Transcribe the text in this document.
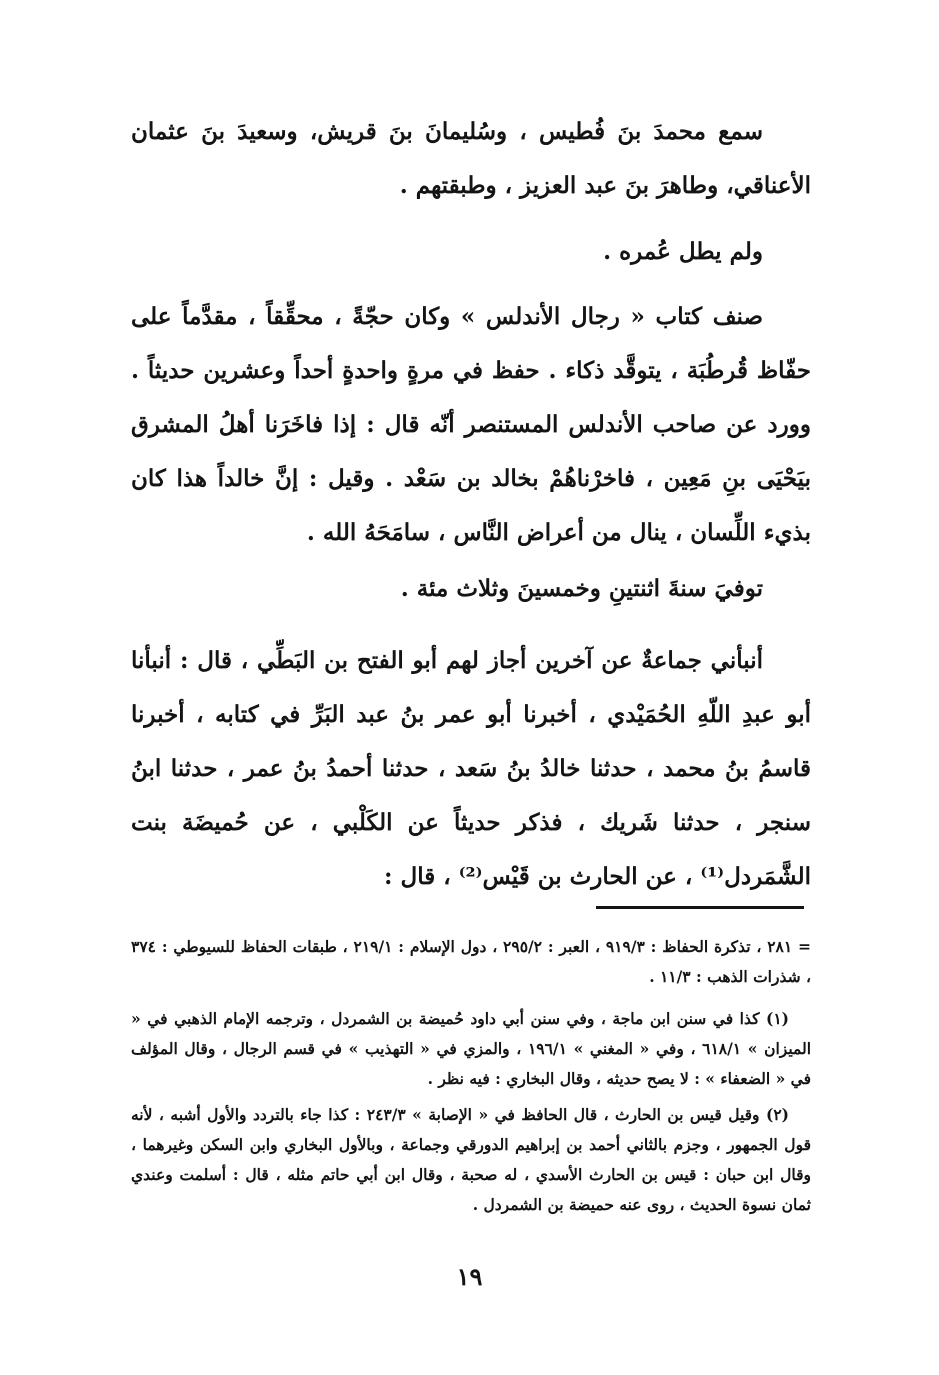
سمع محمدَ بنَ فُطيس ، وسُليمانَ بنَ قريش، وسعيدَ بنَ عثمان الأعناقي، وطاهرَ بنَ عبد العزيز ، وطبقتهم .

ولم يطل عُمره .

صنف كتاب « رجال الأندلس » وكان حجّةً ، محقِّقاً ، مقدَّماً على حفّاظ قُرطُبَة ، يتوقَّد ذكاء . حفظ في مرةٍ واحدةٍ أحداً وعشرين حديثاً . وورد عن صاحب الأندلس المستنصر أنّه قال : إذا فاخَرَنا أهلُ المشرق بيَحْيَى بنِ مَعِين ، فاخرْناهُمْ بخالد بن سَعْد . وقيل : إنَّ خالداً هذا كان بذيء اللِّسان ، ينال من أعراض النَّاس ، سامَحَهُ الله .

توفيَ سنةَ اثنتينِ وخمسينَ وثلاث مئة .

أنبأني جماعةٌ عن آخرين أجاز لهم أبو الفتح بن البَطِّي ، قال : أنبأنا أبو عبدِ اللّهِ الحُمَيْدي ، أخبرنا أبو عمر بنُ عبد البَرِّ في كتابه ، أخبرنا قاسمُ بنُ محمد ، حدثنا خالدُ بنُ سَعد ، حدثنا أحمدُ بنُ عمر ، حدثنا ابنُ سنجر ، حدثنا شَريك ، فذكر حديثاً عن الكَلْبي ، عن حُميضَة بنت الشَّمَردل⁽¹⁾ ، عن الحارث بن قَيْس⁽²⁾ ، قال :

= ٢٨١ ، تذكرة الحفاظ : ٩١٩/٣ ، العبر : ٢٩٥/٢ ، دول الإسلام : ٢١٩/١ ، طبقات الحفاظ للسيوطي : ٣٧٤ ، شذرات الذهب : ١١/٣ .

(١) كذا في سنن ابن ماجة ، وفي سنن أبي داود حُميضة بن الشمردل ، وترجمه الإمام الذهبي في « الميزان » ٦١٨/١ ، وفي « المغني » ١٩٦/١ ، والمزي في « التهذيب » في قسم الرجال ، وقال المؤلف في « الضعفاء » : لا يصح حديثه ، وقال البخاري : فيه نظر .

(٢) وقيل قيس بن الحارث ، قال الحافظ في « الإصابة » ٢٤٣/٣ : كذا جاء بالتردد والأول أشبه ، لأنه قول الجمهور ، وجزم بالثاني أحمد بن إبراهيم الدورقي وجماعة ، وبالأول البخاري وابن السكن وغيرهما ، وقال ابن حبان : قيس بن الحارث الأسدي ، له صحبة ، وقال ابن أبي حاتم مثله ، قال : أسلمت وعندي ثمان نسوة الحديث ، روى عنه حميضة بن الشمردل .

١٩
